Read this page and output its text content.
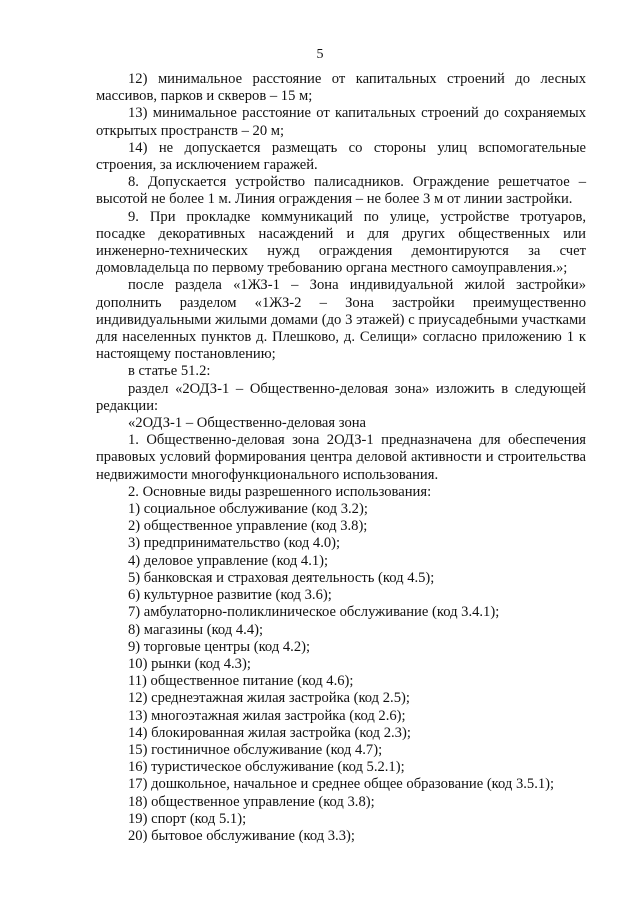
5

12) минимальное расстояние от капитальных строений до лесных массивов, парков и скверов – 15 м;

13) минимальное расстояние от капитальных строений до сохраняемых открытых пространств – 20 м;

14) не допускается размещать со стороны улиц вспомогательные строения, за исключением гаражей.

8. Допускается устройство палисадников. Ограждение решетчатое – высотой не более 1 м. Линия ограждения – не более 3 м от линии застройки.

9. При прокладке коммуникаций по улице, устройстве тротуаров, посадке декоративных насаждений и для других общественных или инженерно-технических нужд ограждения демонтируются за счет домовладельца по первому требованию органа местного самоуправления.»;

после раздела «1ЖЗ-1 – Зона индивидуальной жилой застройки» дополнить разделом «1ЖЗ-2 – Зона застройки преимущественно индивидуальными жилыми домами (до 3 этажей) с приусадебными участками для населенных пунктов д. Плешково, д. Селищи» согласно приложению 1 к настоящему постановлению;

в статье 51.2:

раздел «2ОДЗ-1 – Общественно-деловая зона» изложить в следующей редакции:

«2ОДЗ-1 – Общественно-деловая зона

1. Общественно-деловая зона 2ОДЗ-1 предназначена для обеспечения правовых условий формирования центра деловой активности и строительства недвижимости многофункционального использования.

2. Основные виды разрешенного использования:

1) социальное обслуживание (код 3.2);

2) общественное управление (код 3.8);

3) предпринимательство (код 4.0);

4) деловое управление (код 4.1);

5) банковская и страховая деятельность (код 4.5);

6) культурное развитие (код 3.6);

7) амбулаторно-поликлиническое обслуживание (код 3.4.1);

8) магазины (код 4.4);

9) торговые центры (код 4.2);

10) рынки (код 4.3);

11) общественное питание (код 4.6);

12) среднеэтажная жилая застройка (код 2.5);

13) многоэтажная жилая застройка (код 2.6);

14) блокированная жилая застройка (код 2.3);

15) гостиничное обслуживание (код 4.7);

16) туристическое обслуживание (код 5.2.1);

17) дошкольное, начальное и среднее общее образование (код 3.5.1);

18) общественное управление (код 3.8);

19) спорт (код 5.1);

20) бытовое обслуживание (код 3.3);
